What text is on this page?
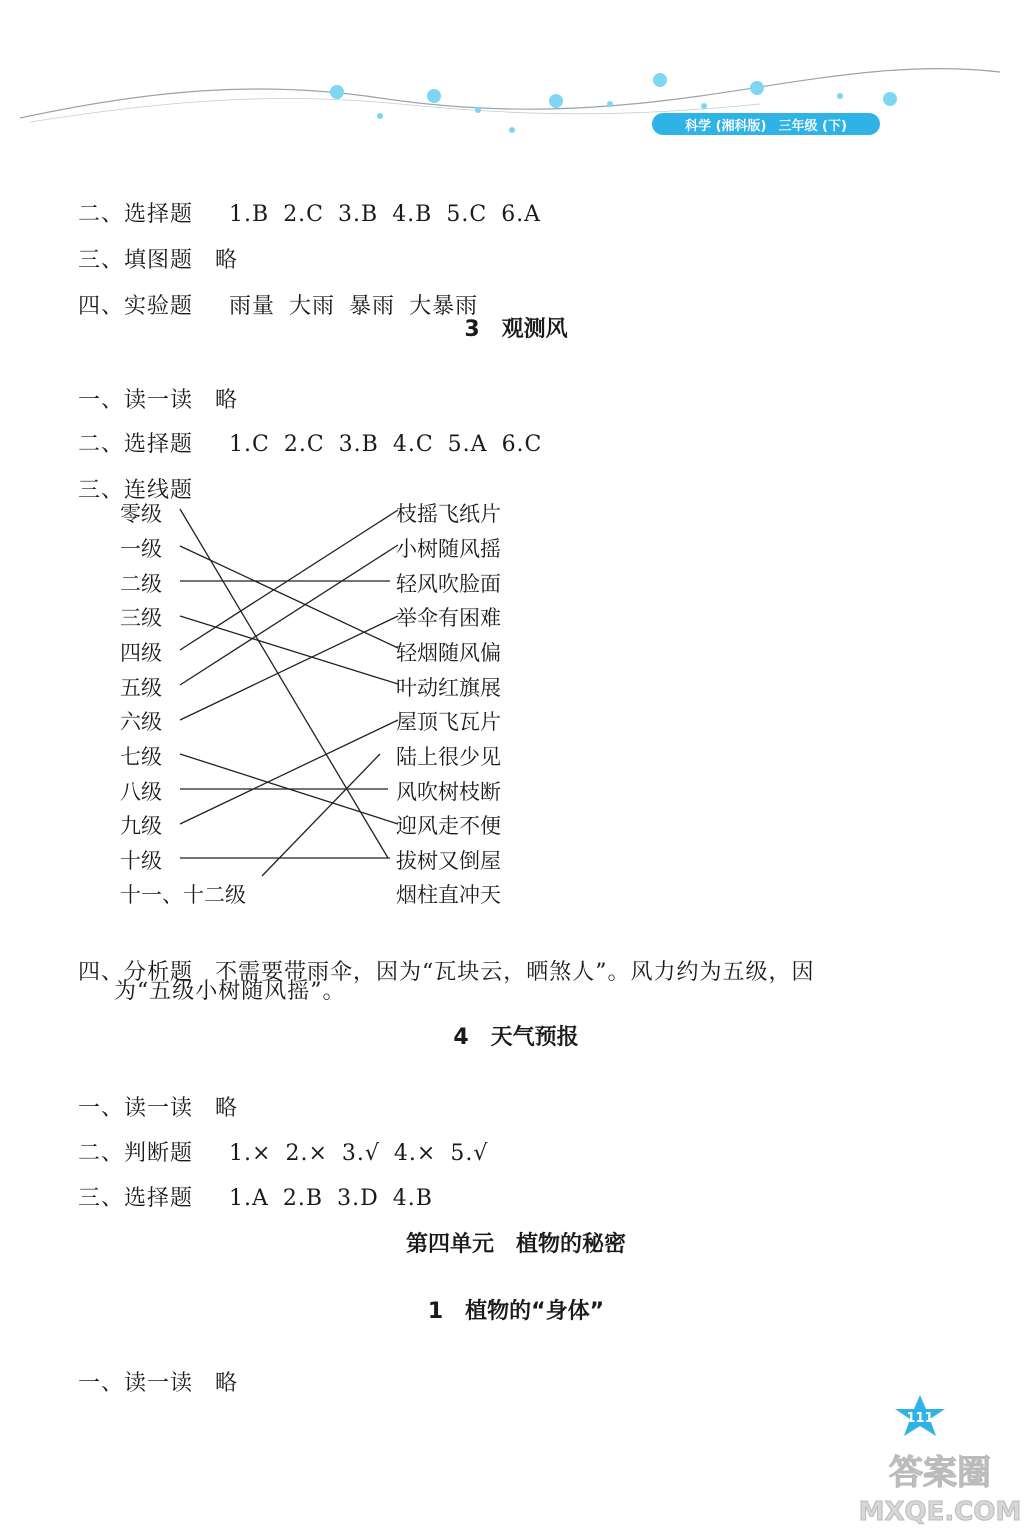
科学 (湘科版) 三年级 (下)

二、选择题 1.B 2.C 3.B 4.B 5.C 6.A

三、填图题 略

四、实验题 雨量 大雨 暴雨 大暴雨

3　观测风

一、读一读 略

二、选择题 1.C 2.C 3.B 4.C 5.A 6.C

三、连线题

零级
一级
二级
三级
四级
五级
六级
七级
八级
九级
十级
十一、十二级
枝摇飞纸片
小树随风摇
轻风吹脸面
举伞有困难
轻烟随风偏
叶动红旗展
屋顶飞瓦片
陆上很少见
风吹树枝断
迎风走不便
拔树又倒屋
烟柱直冲天

四、分析题 不需要带雨伞，因为“瓦块云，晒煞人”。风力约为五级，因

为“五级小树随风摇”。
4　天气预报

一、读一读 略

二、判断题 1.× 2.× 3.√ 4.× 5.√

三、选择题 1.A 2.B 3.D 4.B

第四单元　植物的秘密
1　植物的“身体”

一、读一读 略

111
答案圈
MXQE.COM
